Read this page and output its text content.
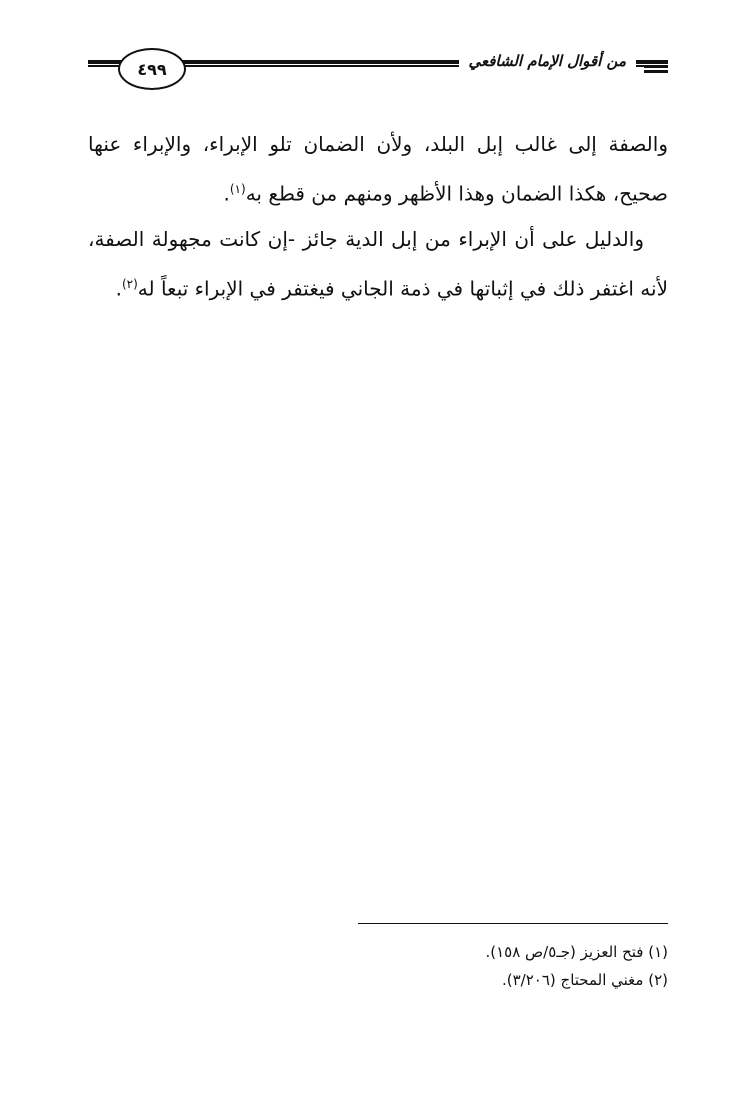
من أقوال الإمام الشافعي
٤٩٩

والصفة إلى غالب إبل البلد، ولأن الضمان تلو الإبراء، والإبراء عنها صحيح، هكذا الضمان وهذا الأظهر ومنهم من قطع به$^{(١)}$.

والدليل على أن الإبراء من إبل الدية جائز -إن كانت مجهولة الصفة، لأنه اغتفر ذلك في إثباتها في ذمة الجاني فيغتفر في الإبراء تبعاً له$^{(٢)}$.

(١) فتح العزيز (جـ٥/ص ١٥٨).
(٢) مغني المحتاج (٣/٢٠٦).
